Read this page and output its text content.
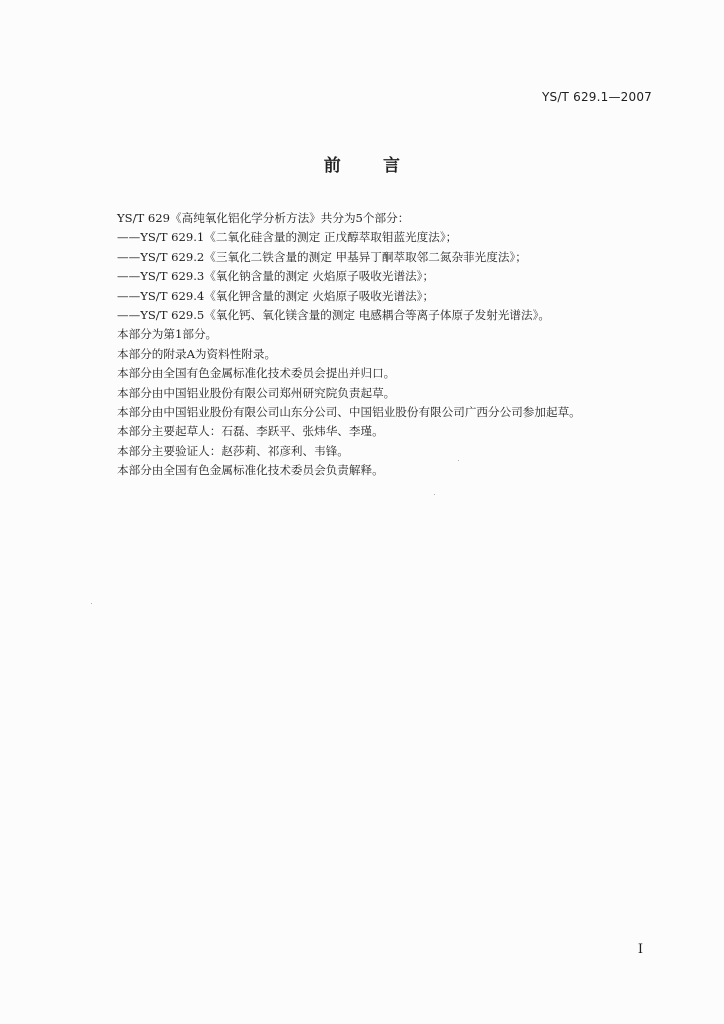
YS/T 629.1—2007
前 言
YS/T 629《高纯氧化铝化学分析方法》共分为5个部分：
——YS/T 629.1《二氧化硅含量的测定 正戊醇萃取钼蓝光度法》；
——YS/T 629.2《三氧化二铁含量的测定 甲基异丁酮萃取邻二氮杂菲光度法》；
——YS/T 629.3《氧化钠含量的测定 火焰原子吸收光谱法》；
——YS/T 629.4《氧化钾含量的测定 火焰原子吸收光谱法》；
——YS/T 629.5《氧化钙、氧化镁含量的测定 电感耦合等离子体原子发射光谱法》。
本部分为第1部分。
本部分的附录A为资料性附录。
本部分由全国有色金属标准化技术委员会提出并归口。
本部分由中国铝业股份有限公司郑州研究院负责起草。
本部分由中国铝业股份有限公司山东分公司、中国铝业股份有限公司广西分公司参加起草。
本部分主要起草人：石磊、李跃平、张炜华、李瑾。
本部分主要验证人：赵莎莉、祁彦利、韦锋。
本部分由全国有色金属标准化技术委员会负责解释。
I
